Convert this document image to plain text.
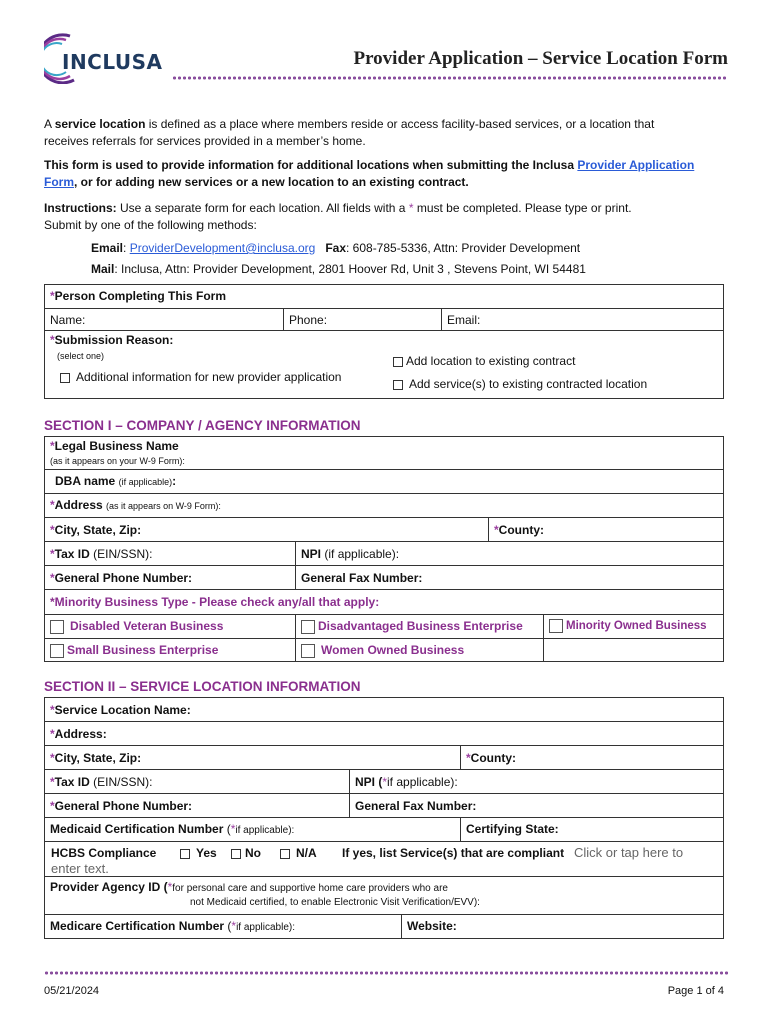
INCLUSA	Provider Application – Service Location Form
A service location is defined as a place where members reside or access facility-based services, or a location that
receives referrals for services provided in a member’s home.
This form is used to provide information for additional locations when submitting the Inclusa Provider Application
Form, or for adding new services or a new location to an existing contract.
Instructions: Use a separate form for each location. All fields with a * must be completed. Please type or print.
Submit by one of the following methods:
Email: ProviderDevelopment@inclusa.org Fax: 608-785-5336, Attn: Provider Development
Mail: Inclusa, Attn: Provider Development, 2801 Hoover Rd, Unit 3 , Stevens Point, WI 54481
*Person Completing This Form
Name:	Phone:	Email:
*Submission Reason:
(select one)
Additional information for new provider application
Add location to existing contract
Add service(s) to existing contracted location
SECTION I – COMPANY / AGENCY INFORMATION
*Legal Business Name
(as it appears on your W-9 Form):
DBA name (if applicable):
*Address (as it appears on W-9 Form):
*City, State, Zip:	*County:
*Tax ID (EIN/SSN):	NPI (if applicable):
*General Phone Number:	General Fax Number:
*Minority Business Type - Please check any/all that apply:
Disabled Veteran Business	Disadvantaged Business Enterprise	Minority Owned Business
Small Business Enterprise	Women Owned Business
SECTION II – SERVICE LOCATION INFORMATION
*Service Location Name:
*Address:
*City, State, Zip:	*County:
*Tax ID (EIN/SSN):	NPI (*if applicable):
*General Phone Number:	General Fax Number:
Medicaid Certification Number (*if applicable):	Certifying State:
HCBS Compliance	Yes	No	N/A If yes, list Service(s) that are compliant Click or tap here to
enter text.
Provider Agency ID (*for personal care and supportive home care providers who are
not Medicaid certified, to enable Electronic Visit Verification/EVV):
Medicare Certification Number (*if applicable):	Website:
05/21/2024	Page 1 of 4
